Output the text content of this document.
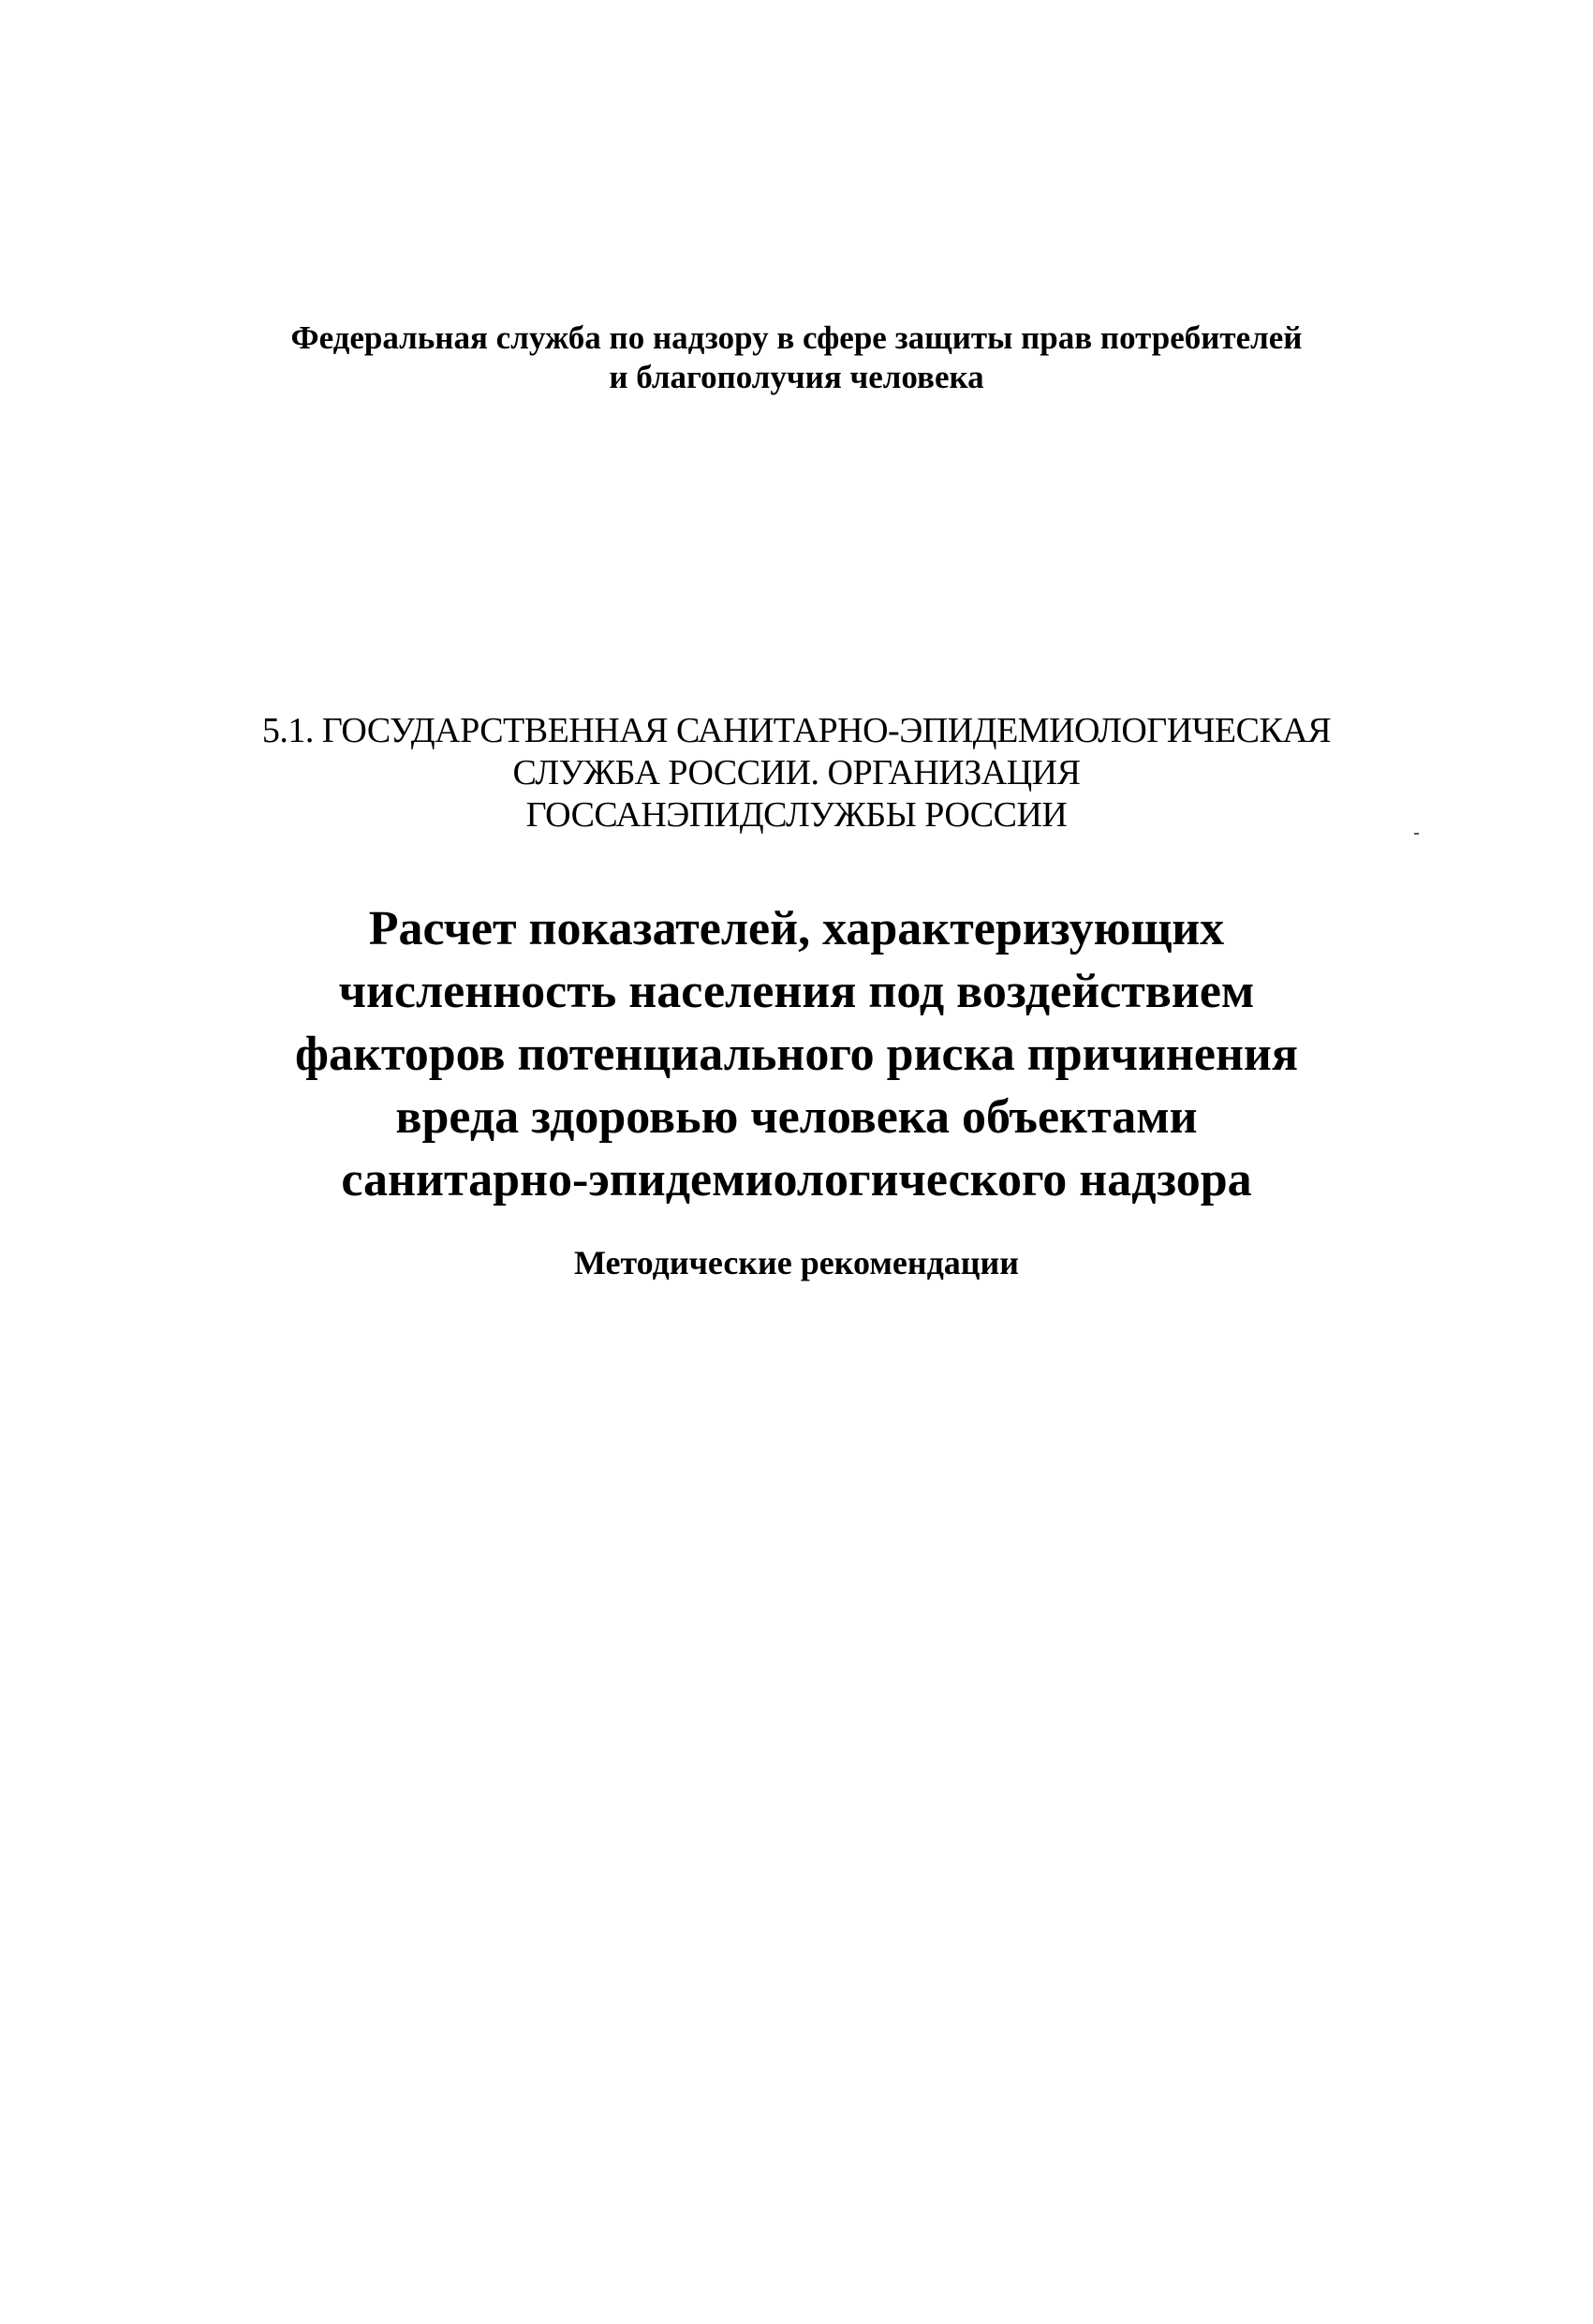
Федеральная служба по надзору в сфере защиты прав потребителей
и благополучия человека
5.1. ГОСУДАРСТВЕННАЯ САНИТАРНО-ЭПИДЕМИОЛОГИЧЕСКАЯ
СЛУЖБА РОССИИ. ОРГАНИЗАЦИЯ
ГОССАНЭПИДСЛУЖБЫ РОССИИ
Расчет показателей, характеризующих
численность населения под воздействием
факторов потенциального риска причинения
вреда здоровью человека объектами
санитарно-эпидемиологического надзора
Методические рекомендации
